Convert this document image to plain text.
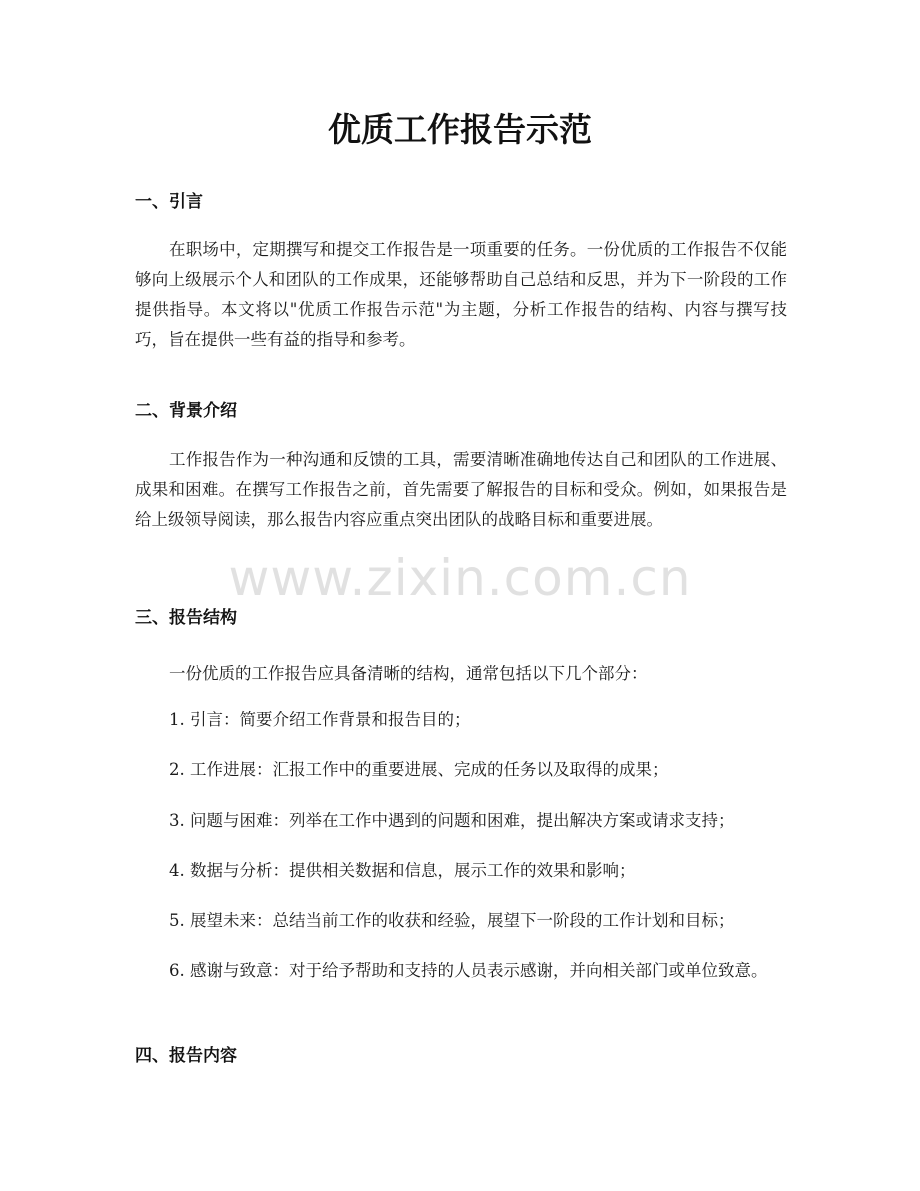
优质工作报告示范
一、引言
在职场中，定期撰写和提交工作报告是一项重要的任务。一份优质的工作报告不仅能够向上级展示个人和团队的工作成果，还能够帮助自己总结和反思，并为下一阶段的工作提供指导。本文将以"优质工作报告示范"为主题，分析工作报告的结构、内容与撰写技巧，旨在提供一些有益的指导和参考。
二、背景介绍
工作报告作为一种沟通和反馈的工具，需要清晰准确地传达自己和团队的工作进展、成果和困难。在撰写工作报告之前，首先需要了解报告的目标和受众。例如，如果报告是给上级领导阅读，那么报告内容应重点突出团队的战略目标和重要进展。
三、报告结构
一份优质的工作报告应具备清晰的结构，通常包括以下几个部分：
1. 引言：简要介绍工作背景和报告目的；
2. 工作进展：汇报工作中的重要进展、完成的任务以及取得的成果；
3. 问题与困难：列举在工作中遇到的问题和困难，提出解决方案或请求支持；
4. 数据与分析：提供相关数据和信息，展示工作的效果和影响；
5. 展望未来：总结当前工作的收获和经验，展望下一阶段的工作计划和目标；
6. 感谢与致意：对于给予帮助和支持的人员表示感谢，并向相关部门或单位致意。
四、报告内容
www.zixin.com.cn
